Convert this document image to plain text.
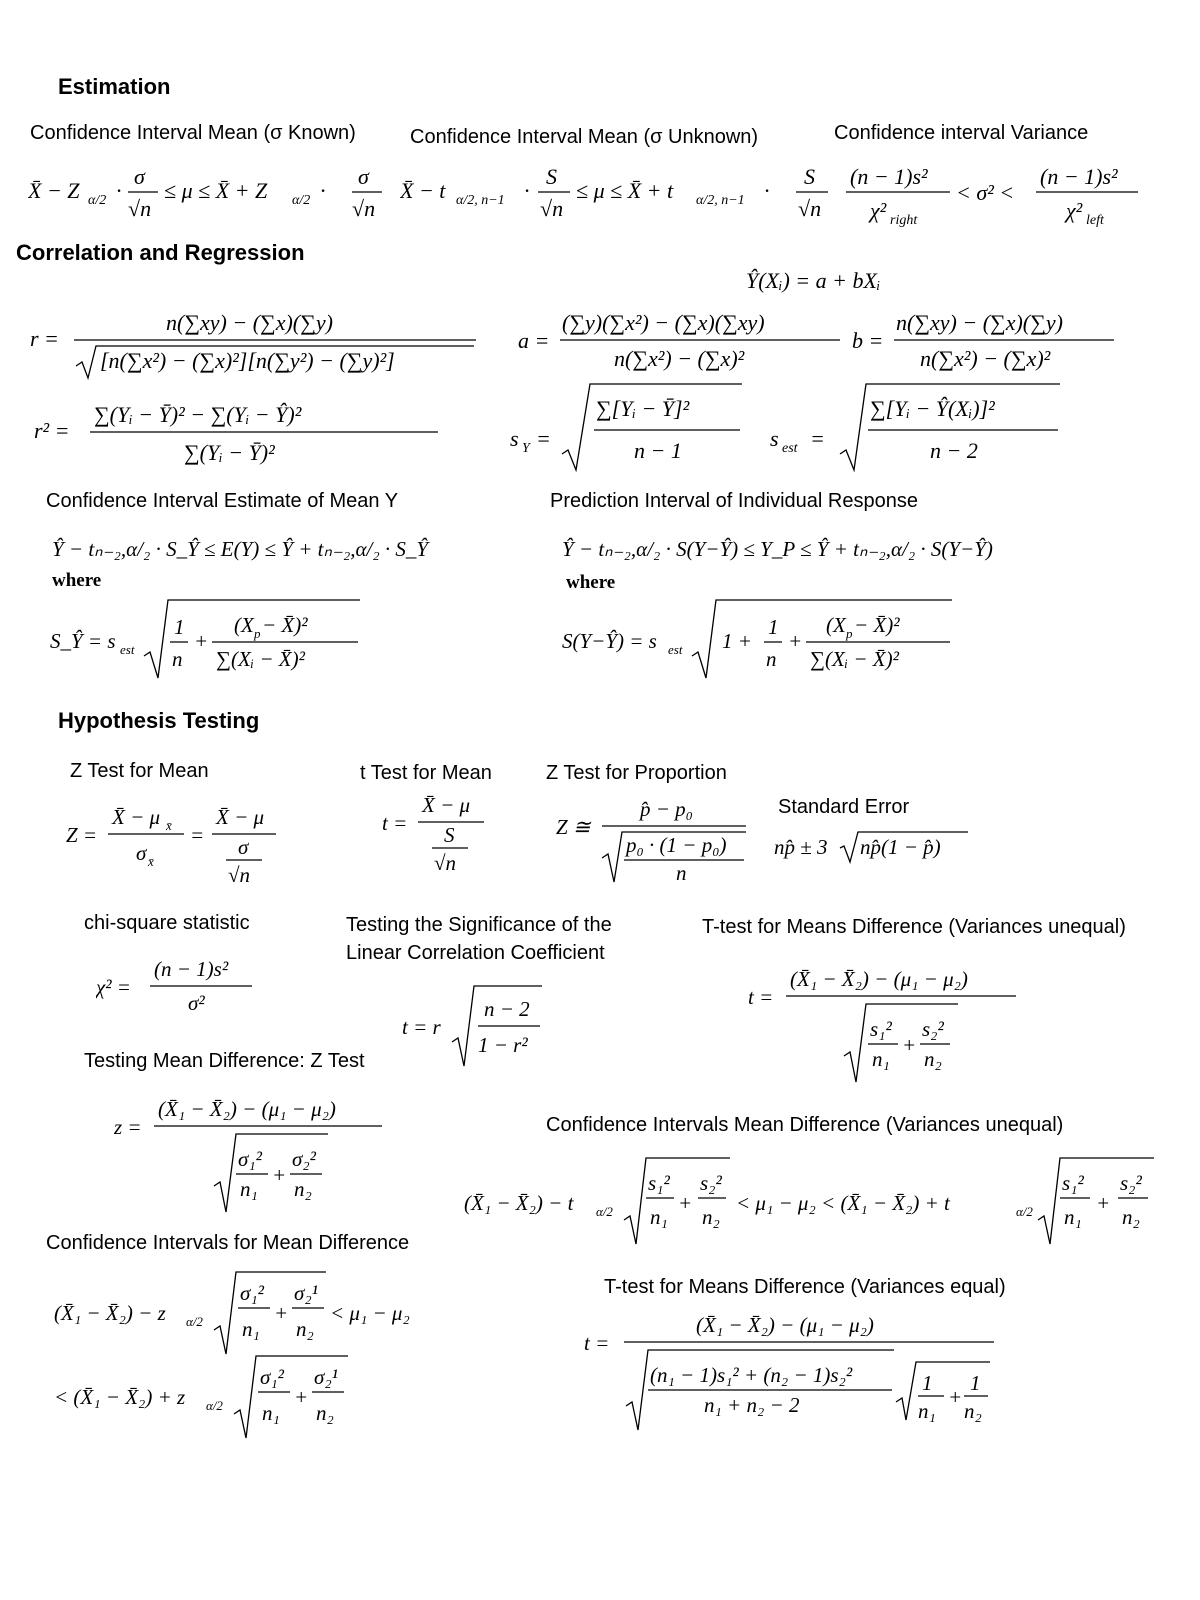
Estimation
Correlation and Regression
Hypothesis Testing
Confidence Interval Mean (σ Known)	Confidence Interval Mean (σ Unknown)	Confidence interval Variance
X̄ − Z α/2 ·
σ
√n
≤ μ ≤ X̄ + Z α/2 ·
σ
√n
X̄ − t α/2, n−1 ·
S
√n
≤ μ ≤ X̄ + t α/2, n−1 ·
S
√n
(n − 1)s²
χ² right
< σ² <
(n − 1)s²
χ² left
Ŷ(Xᵢ) = a + bXᵢ
r =
n(∑xy) − (∑x)(∑y)
[n(∑x²) − (∑x)²][n(∑y²) − (∑y)²]
a =
(∑y)(∑x²) − (∑x)(∑xy)
n(∑x²) − (∑x)²
b =
n(∑xy) − (∑x)(∑y)
n(∑x²) − (∑x)²
r² =
∑(Yᵢ − Ȳ)² − ∑(Yᵢ − Ŷ)²
∑(Yᵢ − Ȳ)²
s Y =
∑[Yᵢ − Ȳ]²
n − 1	s est =
∑[Yᵢ − Ŷ(Xᵢ)]²
n − 2
Confidence Interval Estimate of Mean Y	Prediction Interval of Individual Response
Ŷ − tₙ₋₂,α/₂ · S_Ŷ ≤ E(Y) ≤ Ŷ + tₙ₋₂,α/₂ · S_Ŷ	Ŷ − tₙ₋₂,α/₂ · S(Y−Ŷ) ≤ Y_P ≤ Ŷ + tₙ₋₂,α/₂ · S(Y−Ŷ)
where	where
S_Ŷ = s est
1
n
+
(X p − X̄)²
∑(Xᵢ − X̄)²
S(Y−Ŷ) = s est 1 +
1
n
+
(X p − X̄)²
∑(Xᵢ − X̄)²
Z Test for Mean	t Test for Mean	Z Test for Proportion
Standard Error
Z =
X̄ − μ x̄
σ x̄
=
X̄ − μ
σ
√n
t =
X̄ − μ
S
√n
Z ≅
p̂ − p₀
p₀ · (1 − p₀)
n
np̂ ± 3 np̂(1 − p̂)
chi-square statistic	Testing the Significance of the
Linear Correlation Coefficient
T-test for Means Difference (Variances unequal)
χ² =
(n − 1)s²
σ²
t = r
n − 2
1 − r²
t =
(X̄₁ − X̄₂) − (μ₁ − μ₂)
s₁²
n₁
+
s₂²
n₂
Testing Mean Difference: Z Test
z =
(X̄₁ − X̄₂) − (μ₁ − μ₂)
σ₁²
n₁
+
σ₂²
n₂
Confidence Intervals Mean Difference (Variances unequal)
(X̄₁ − X̄₂) − t α/2
s₁²
n₁
+
s₂²
n₂
< μ₁ − μ₂ < (X̄₁ − X̄₂) + t	α/2
s₁²
n₁
+
s₂²
n₂
Confidence Intervals for Mean Difference
(X̄₁ − X̄₂) − z α/2
σ₁²
n₁
+
σ₂¹
n₂
< μ₁ − μ₂
< (X̄₁ − X̄₂) + z α/2
σ₁²
n₁
+
σ₂¹
n₂
T-test for Means Difference (Variances equal)
t =
(X̄₁ − X̄₂) − (μ₁ − μ₂)
(n₁ − 1)s₁² + (n₂ − 1)s₂²
n₁ + n₂ − 2
1
n₁
+
1
n₂
